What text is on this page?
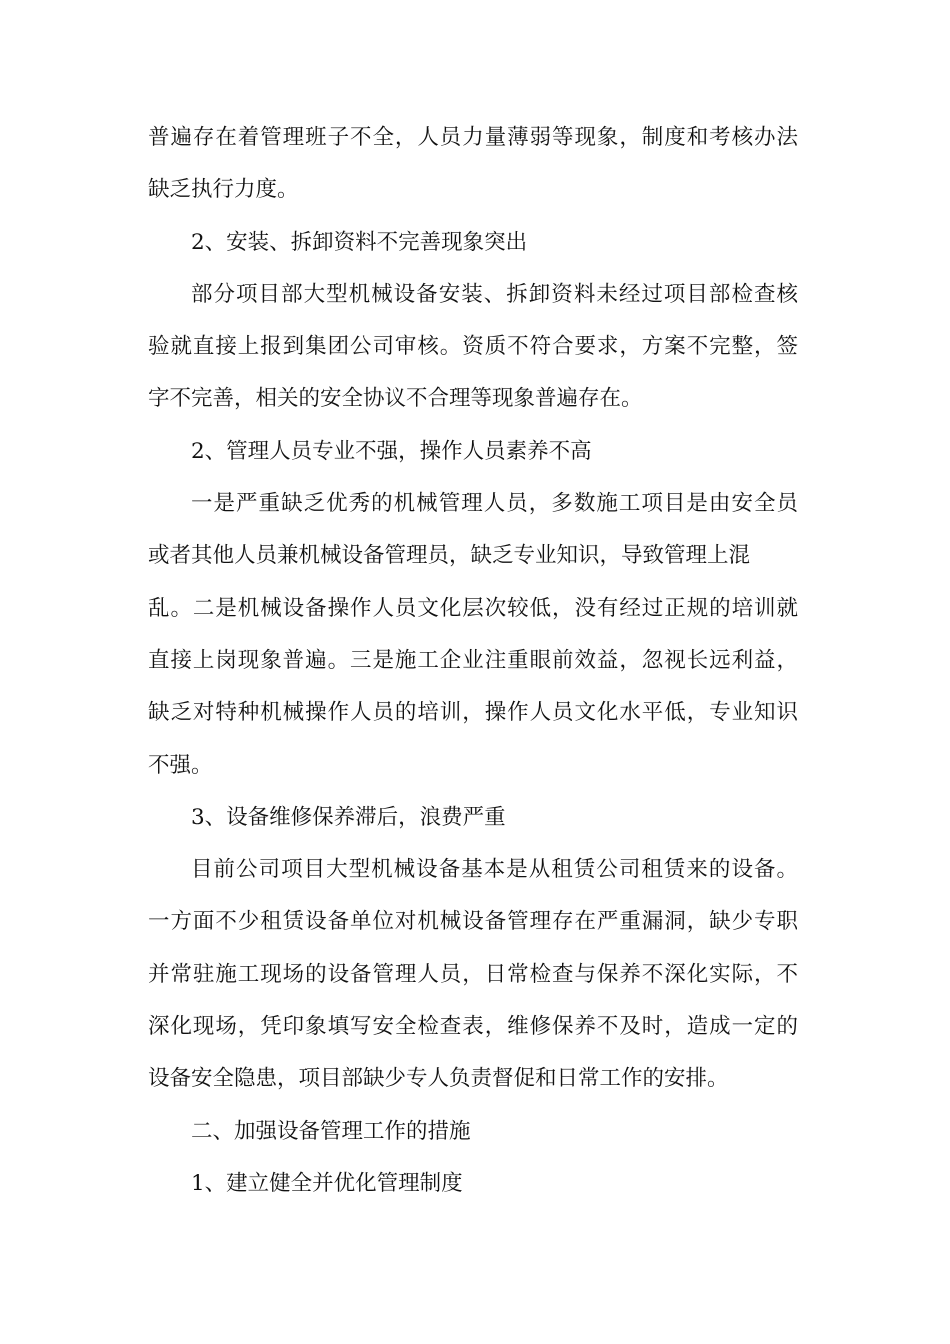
普遍存在着管理班子不全，人员力量薄弱等现象，制度和考核办法
缺乏执行力度。
2、安装、拆卸资料不完善现象突出
部分项目部大型机械设备安装、拆卸资料未经过项目部检查核
验就直接上报到集团公司审核。资质不符合要求，方案不完整，签
字不完善，相关的安全协议不合理等现象普遍存在。
2、管理人员专业不强，操作人员素养不高
一是严重缺乏优秀的机械管理人员，多数施工项目是由安全员
或者其他人员兼机械设备管理员，缺乏专业知识，导致管理上混
乱。二是机械设备操作人员文化层次较低，没有经过正规的培训就
直接上岗现象普遍。三是施工企业注重眼前效益，忽视长远利益，
缺乏对特种机械操作人员的培训，操作人员文化水平低，专业知识
不强。
3、设备维修保养滞后，浪费严重
目前公司项目大型机械设备基本是从租赁公司租赁来的设备。
一方面不少租赁设备单位对机械设备管理存在严重漏洞，缺少专职
并常驻施工现场的设备管理人员，日常检查与保养不深化实际，不
深化现场，凭印象填写安全检查表，维修保养不及时，造成一定的
设备安全隐患，项目部缺少专人负责督促和日常工作的安排。
二、加强设备管理工作的措施
1、建立健全并优化管理制度
